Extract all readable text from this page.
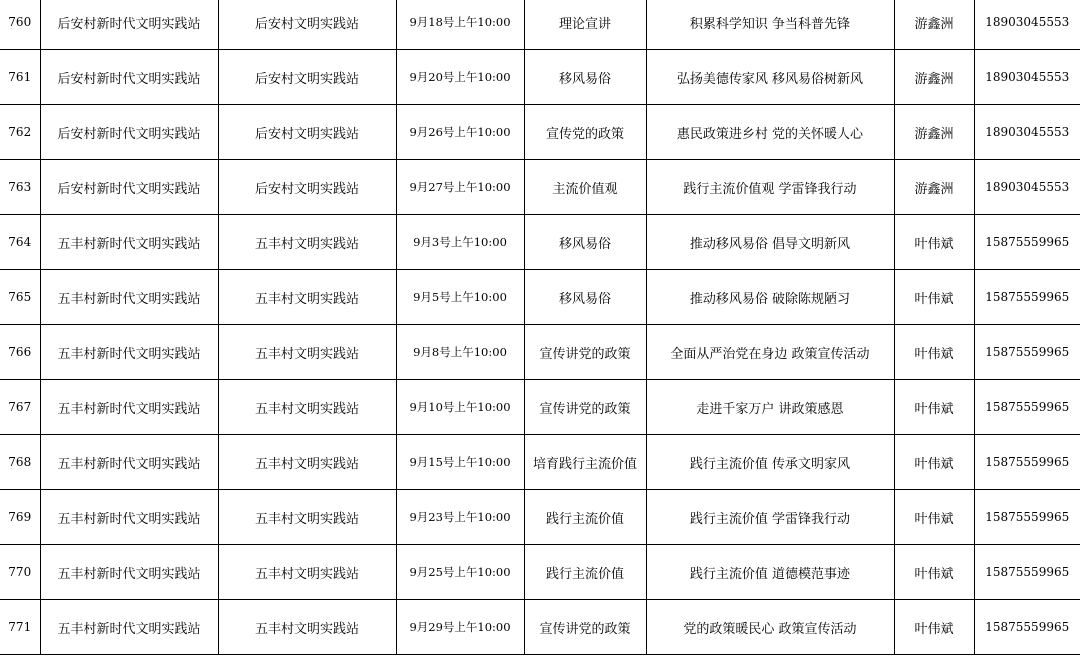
760	后安村新时代文明实践站	后安村文明实践站	9月18号上午10:00	理论宣讲	积累科学知识 争当科普先锋	游鑫洲	18903045553
761	后安村新时代文明实践站	后安村文明实践站	9月20号上午10:00	移风易俗	弘扬美德传家风 移风易俗树新风	游鑫洲	18903045553
762	后安村新时代文明实践站	后安村文明实践站	9月26号上午10:00	宣传党的政策	惠民政策进乡村 党的关怀暖人心	游鑫洲	18903045553
763	后安村新时代文明实践站	后安村文明实践站	9月27号上午10:00	主流价值观	践行主流价值观 学雷锋我行动	游鑫洲	18903045553
764	五丰村新时代文明实践站	五丰村文明实践站	9月3号上午10:00	移风易俗	推动移风易俗 倡导文明新风	叶伟斌	15875559965
765	五丰村新时代文明实践站	五丰村文明实践站	9月5号上午10:00	移风易俗	推动移风易俗 破除陈规陋习	叶伟斌	15875559965
766	五丰村新时代文明实践站	五丰村文明实践站	9月8号上午10:00	宣传讲党的政策	全面从严治党在身边 政策宣传活动	叶伟斌	15875559965
767	五丰村新时代文明实践站	五丰村文明实践站	9月10号上午10:00	宣传讲党的政策	走进千家万户 讲政策感恩	叶伟斌	15875559965
768	五丰村新时代文明实践站	五丰村文明实践站	9月15号上午10:00	培育践行主流价值	践行主流价值 传承文明家风	叶伟斌	15875559965
769	五丰村新时代文明实践站	五丰村文明实践站	9月23号上午10:00	践行主流价值	践行主流价值 学雷锋我行动	叶伟斌	15875559965
770	五丰村新时代文明实践站	五丰村文明实践站	9月25号上午10:00	践行主流价值	践行主流价值 道德模范事迹	叶伟斌	15875559965
771	五丰村新时代文明实践站	五丰村文明实践站	9月29号上午10:00	宣传讲党的政策	党的政策暖民心 政策宣传活动	叶伟斌	15875559965
